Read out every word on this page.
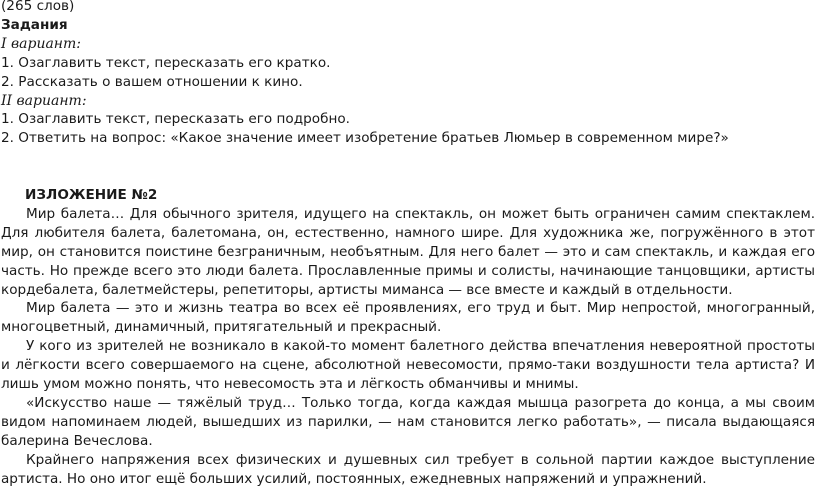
(265 слов)
Задания
I вариант:
1. Озаглавить текст, пересказать его кратко.
2. Рассказать о вашем отношении к кино.
II вариант:
1. Озаглавить текст, пересказать его подробно.
2. Ответить на вопрос: «Какое значение имеет изобретение братьев Люмьер в современном мире?»
ИЗЛОЖЕНИЕ №2

Мир балета… Для обычного зрителя, идущего на спектакль, он может быть ограничен самим спектаклем. Для любителя балета, балетомана, он, естественно, намного шире. Для художника же, погружённого в этот мир, он становится поистине безграничным, необъятным. Для него балет — это и сам спектакль, и каждая его часть. Но прежде всего это люди балета. Прославленные примы и солисты, начинающие танцовщики, артисты кордебалета, балетмейстеры, репетиторы, артисты миманса — все вместе и каждый в отдельности.

Мир балета — это и жизнь театра во всех её проявлениях, его труд и быт. Мир непростой, многогранный, многоцветный, динамичный, притягательный и прекрасный.

У кого из зрителей не возникало в какой-то момент балетного действа впечатления невероятной простоты и лёгкости всего совершаемого на сцене, абсолютной невесомости, прямо-таки воздушности тела артиста? И лишь умом можно понять, что невесомость эта и лёгкость обманчивы и мнимы.

«Искусство наше — тяжёлый труд… Только тогда, когда каждая мышца разогрета до конца, а мы своим видом напоминаем людей, вышедших из парилки, — нам становится легко работать», — писала выдающаяся балерина Вечеслова.

Крайнего напряжения всех физических и душевных сил требует в сольной партии каждое выступление артиста. Но оно итог ещё больших усилий, постоянных, ежедневных напряжений и упражнений.
